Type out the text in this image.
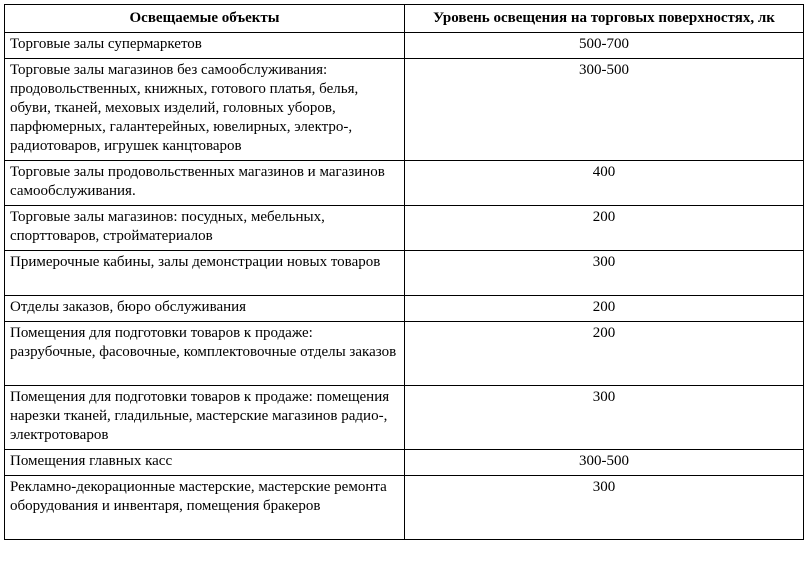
Освещаемые объекты	Уровень освещения на торговых поверхностях, лк
Торговые залы супермаркетов	500-700
Торговые залы магазинов без самообслуживания: продовольственных, книжных, готового платья, белья, обуви, тканей, меховых изделий, головных уборов, парфюмерных, галантерейных, ювелирных, электро-, радиотоваров, игрушек канцтоваров	300-500
Торговые залы продовольственных магазинов и магазинов самообслуживания.	400
Торговые залы магазинов: посудных, мебельных, спорттоваров, стройматериалов	200
Примерочные кабины, залы демонстрации новых товаров	300
Отделы заказов, бюро обслуживания	200
Помещения для подготовки товаров к продаже: разрубочные, фасовочные, комплектовочные отделы заказов	200
Помещения для подготовки товаров к продаже: помещения нарезки тканей, гладильные, мастерские магазинов радио-, электротоваров	300
Помещения главных касс	300-500
Рекламно-декорационные мастерские, мастерские ремонта оборудования и инвентаря, помещения бракеров	300
